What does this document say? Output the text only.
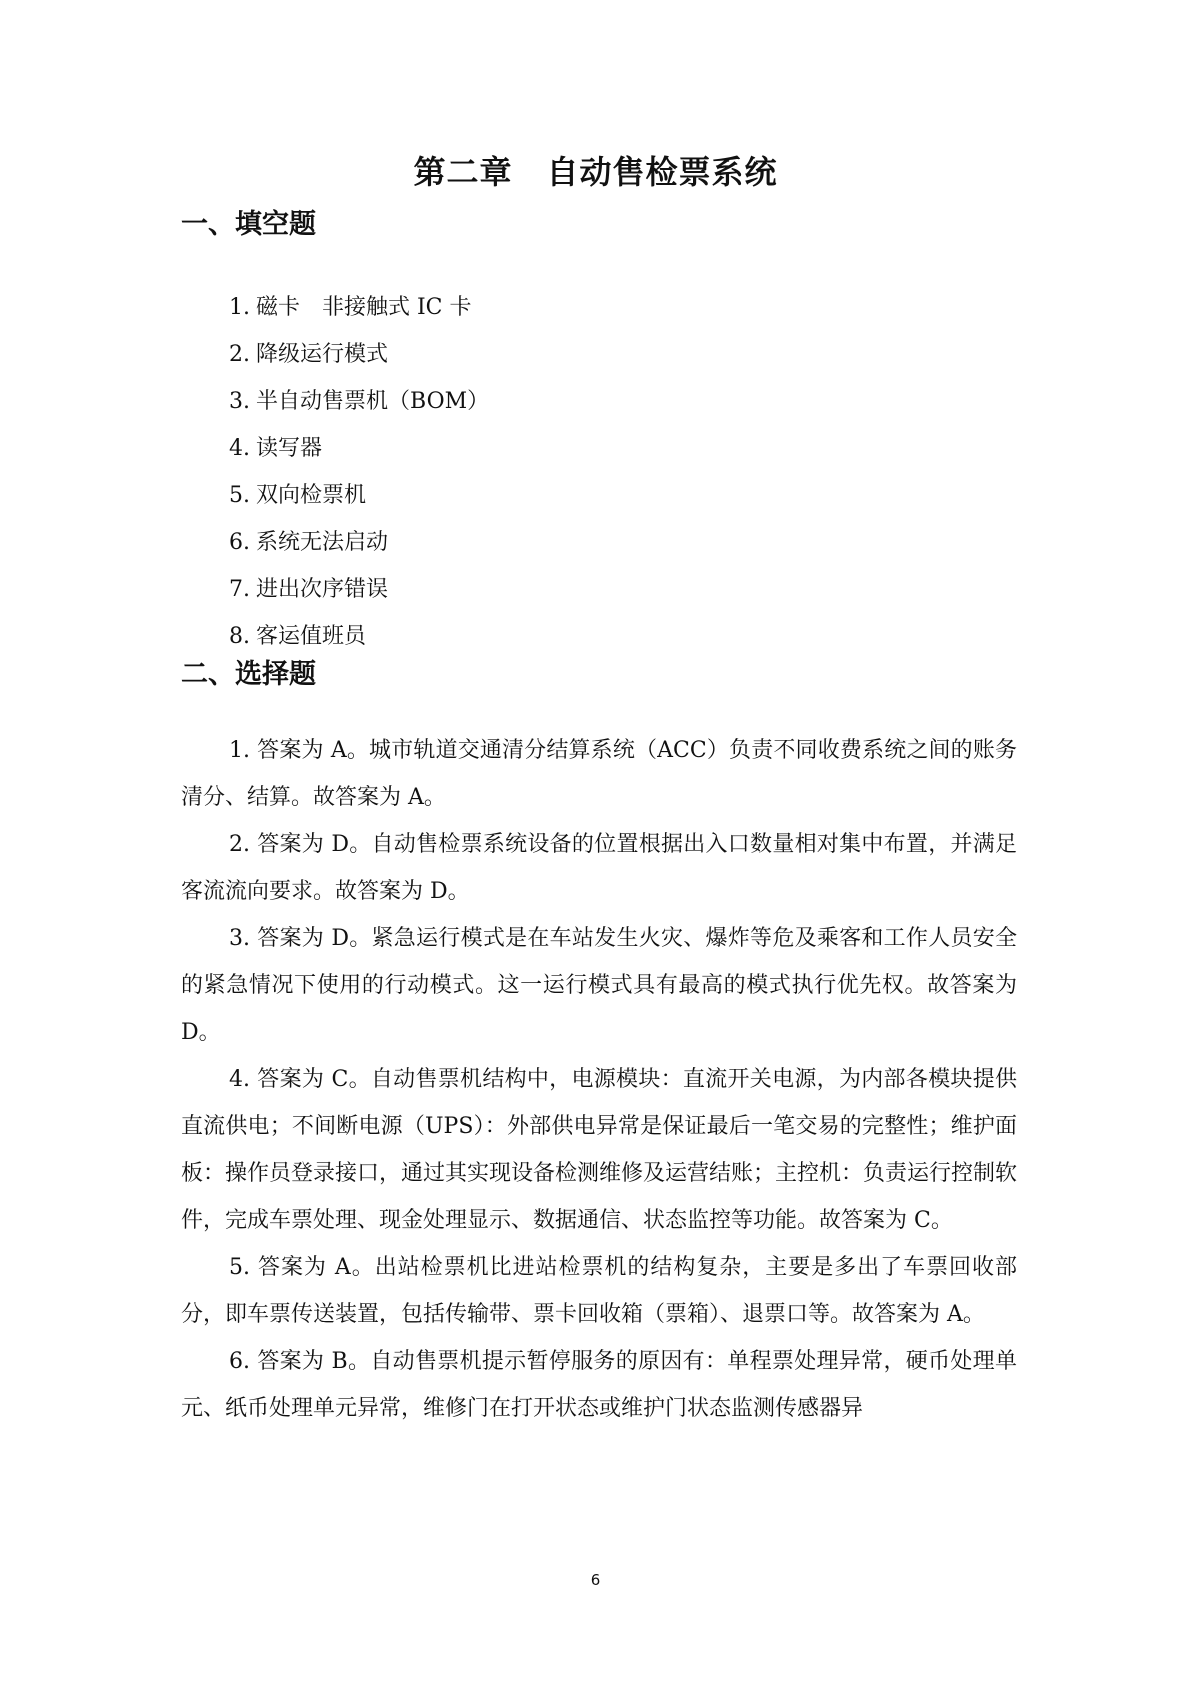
第二章 自动售检票系统
一、填空题
1. 磁卡　非接触式 IC 卡
2. 降级运行模式
3. 半自动售票机（BOM）
4. 读写器
5. 双向检票机
6. 系统无法启动
7. 进出次序错误
8. 客运值班员
二、选择题

1. 答案为 A。城市轨道交通清分结算系统（ACC）负责不同收费系统之间的账务清分、结算。故答案为 A。

2. 答案为 D。自动售检票系统设备的位置根据出入口数量相对集中布置，并满足客流流向要求。故答案为 D。

3. 答案为 D。紧急运行模式是在车站发生火灾、爆炸等危及乘客和工作人员安全的紧急情况下使用的行动模式。这一运行模式具有最高的模式执行优先权。故答案为 D。

4. 答案为 C。自动售票机结构中，电源模块：直流开关电源，为内部各模块提供直流供电；不间断电源（UPS）：外部供电异常是保证最后一笔交易的完整性；维护面板：操作员登录接口，通过其实现设备检测维修及运营结账；主控机：负责运行控制软件，完成车票处理、现金处理显示、数据通信、状态监控等功能。故答案为 C。

5. 答案为 A。出站检票机比进站检票机的结构复杂，主要是多出了车票回收部分，即车票传送装置，包括传输带、票卡回收箱（票箱）、退票口等。故答案为 A。

6. 答案为 B。自动售票机提示暂停服务的原因有：单程票处理异常，硬币处理单元、纸币处理单元异常，维修门在打开状态或维护门状态监测传感器异

6
